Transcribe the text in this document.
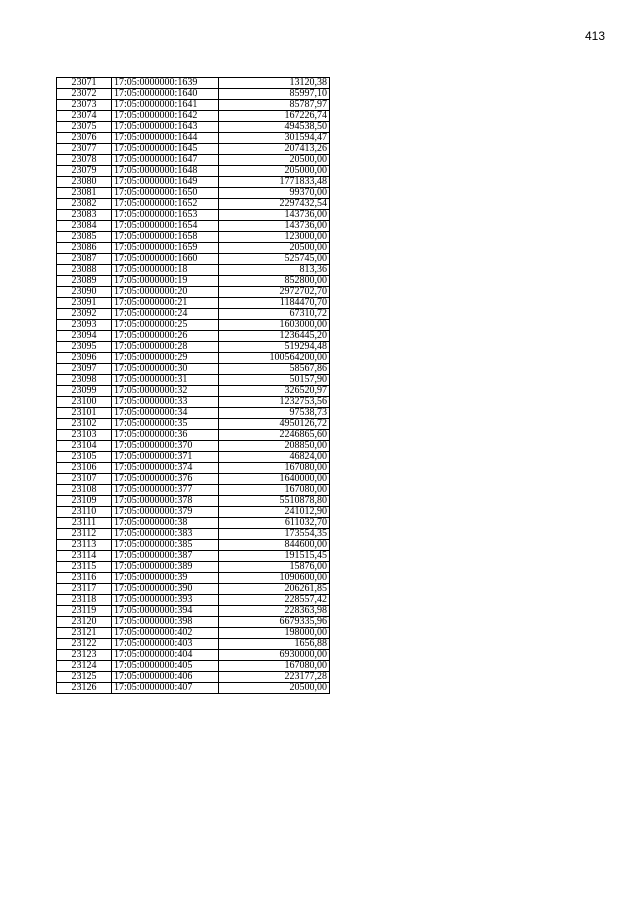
413
23071	17:05:0000000:1639	13120,38
23072	17:05:0000000:1640	85997,10
23073	17:05:0000000:1641	85787,97
23074	17:05:0000000:1642	167226,74
23075	17:05:0000000:1643	494538,50
23076	17:05:0000000:1644	301594,47
23077	17:05:0000000:1645	207413,26
23078	17:05:0000000:1647	20500,00
23079	17:05:0000000:1648	205000,00
23080	17:05:0000000:1649	1771833,48
23081	17:05:0000000:1650	99370,00
23082	17:05:0000000:1652	2297432,54
23083	17:05:0000000:1653	143736,00
23084	17:05:0000000:1654	143736,00
23085	17:05:0000000:1658	123000,00
23086	17:05:0000000:1659	20500,00
23087	17:05:0000000:1660	525745,00
23088	17:05:0000000:18	813,36
23089	17:05:0000000:19	852800,00
23090	17:05:0000000:20	2972702,70
23091	17:05:0000000:21	1184470,70
23092	17:05:0000000:24	67310,72
23093	17:05:0000000:25	1603000,00
23094	17:05:0000000:26	1236445,20
23095	17:05:0000000:28	519294,48
23096	17:05:0000000:29	100564200,00
23097	17:05:0000000:30	58567,86
23098	17:05:0000000:31	50157,90
23099	17:05:0000000:32	326520,97
23100	17:05:0000000:33	1232753,56
23101	17:05:0000000:34	97538,73
23102	17:05:0000000:35	4950126,72
23103	17:05:0000000:36	2246865,60
23104	17:05:0000000:370	208850,00
23105	17:05:0000000:371	46824,00
23106	17:05:0000000:374	167080,00
23107	17:05:0000000:376	1640000,00
23108	17:05:0000000:377	167080,00
23109	17:05:0000000:378	5510878,80
23110	17:05:0000000:379	241012,90
23111	17:05:0000000:38	611032,70
23112	17:05:0000000:383	173554,35
23113	17:05:0000000:385	844600,00
23114	17:05:0000000:387	191515,45
23115	17:05:0000000:389	15876,00
23116	17:05:0000000:39	1090600,00
23117	17:05:0000000:390	206261,85
23118	17:05:0000000:393	228557,42
23119	17:05:0000000:394	228363,98
23120	17:05:0000000:398	6679335,96
23121	17:05:0000000:402	198000,00
23122	17:05:0000000:403	1656,88
23123	17:05:0000000:404	6930000,00
23124	17:05:0000000:405	167080,00
23125	17:05:0000000:406	223177,28
23126	17:05:0000000:407	20500,00
